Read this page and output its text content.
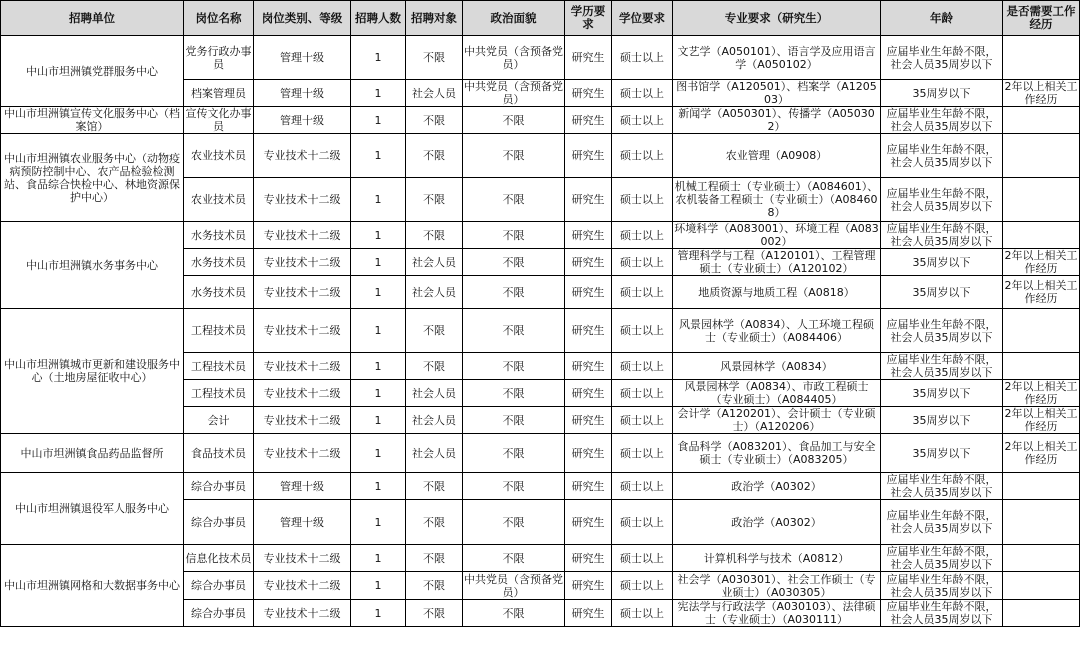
招聘单位	岗位名称	岗位类别、等级	招聘人数	招聘对象	政治面貌	学历要求	学位要求	专业要求（研究生）	年龄	是否需要工作经历
中山市坦洲镇党群服务中心	党务行政办事员	管理十级	1	不限	中共党员（含预备党员）	研究生	硕士以上	文艺学（A050101）、语言学及应用语言学（A050102）	应届毕业生年龄不限，社会人员35周岁以下	
	档案管理员	管理十级	1	社会人员	中共党员（含预备党员）	研究生	硕士以上	图书馆学（A120501）、档案学（A120503）	35周岁以下	2年以上相关工作经历
中山市坦洲镇宣传文化服务中心（档案馆）	宣传文化办事员	管理十级	1	不限	不限	研究生	硕士以上	新闻学（A050301）、传播学（A050302）	应届毕业生年龄不限，社会人员35周岁以下	
中山市坦洲镇农业服务中心（动物疫病预防控制中心、农产品检验检测站、食品综合快检中心、林地资源保护中心）	农业技术员	专业技术十二级	1	不限	不限	研究生	硕士以上	农业管理（A0908）	应届毕业生年龄不限，社会人员35周岁以下	
	农业技术员	专业技术十二级	1	不限	不限	研究生	硕士以上	机械工程硕士（专业硕士）（A084601）、农机装备工程硕士（专业硕士）（A084608）	应届毕业生年龄不限，社会人员35周岁以下	
中山市坦洲镇水务事务中心	水务技术员	专业技术十二级	1	不限	不限	研究生	硕士以上	环境科学（A083001）、环境工程（A083002）	应届毕业生年龄不限，社会人员35周岁以下	
	水务技术员	专业技术十二级	1	社会人员	不限	研究生	硕士以上	管理科学与工程（A120101）、工程管理硕士（专业硕士）（A120102）	35周岁以下	2年以上相关工作经历
	水务技术员	专业技术十二级	1	社会人员	不限	研究生	硕士以上	地质资源与地质工程（A0818）	35周岁以下	2年以上相关工作经历
中山市坦洲镇城市更新和建设服务中心（土地房屋征收中心）	工程技术员	专业技术十二级	1	不限	不限	研究生	硕士以上	风景园林学（A0834）、人工环境工程硕士（专业硕士）（A084406）	应届毕业生年龄不限，社会人员35周岁以下	
	工程技术员	专业技术十二级	1	不限	不限	研究生	硕士以上	风景园林学（A0834）	应届毕业生年龄不限，社会人员35周岁以下	
	工程技术员	专业技术十二级	1	社会人员	不限	研究生	硕士以上	风景园林学（A0834）、市政工程硕士（专业硕士）（A084405）	35周岁以下	2年以上相关工作经历
	会计	专业技术十二级	1	社会人员	不限	研究生	硕士以上	会计学（A120201）、会计硕士（专业硕士）（A120206）	35周岁以下	2年以上相关工作经历
中山市坦洲镇食品药品监督所	食品技术员	专业技术十二级	1	社会人员	不限	研究生	硕士以上	食品科学（A083201）、食品加工与安全硕士（专业硕士）（A083205）	35周岁以下	2年以上相关工作经历
中山市坦洲镇退役军人服务中心	综合办事员	管理十级	1	不限	不限	研究生	硕士以上	政治学（A0302）	应届毕业生年龄不限，社会人员35周岁以下	
	综合办事员	管理十级	1	不限	不限	研究生	硕士以上	政治学（A0302）	应届毕业生年龄不限，社会人员35周岁以下	
中山市坦洲镇网格和大数据事务中心	信息化技术员	专业技术十二级	1	不限	不限	研究生	硕士以上	计算机科学与技术（A0812）	应届毕业生年龄不限，社会人员35周岁以下	
	综合办事员	专业技术十二级	1	不限	中共党员（含预备党员）	研究生	硕士以上	社会学（A030301）、社会工作硕士（专业硕士）（A030305）	应届毕业生年龄不限，社会人员35周岁以下	
	综合办事员	专业技术十二级	1	不限	不限	研究生	硕士以上	宪法学与行政法学（A030103）、法律硕士（专业硕士）（A030111）	应届毕业生年龄不限，社会人员35周岁以下	
